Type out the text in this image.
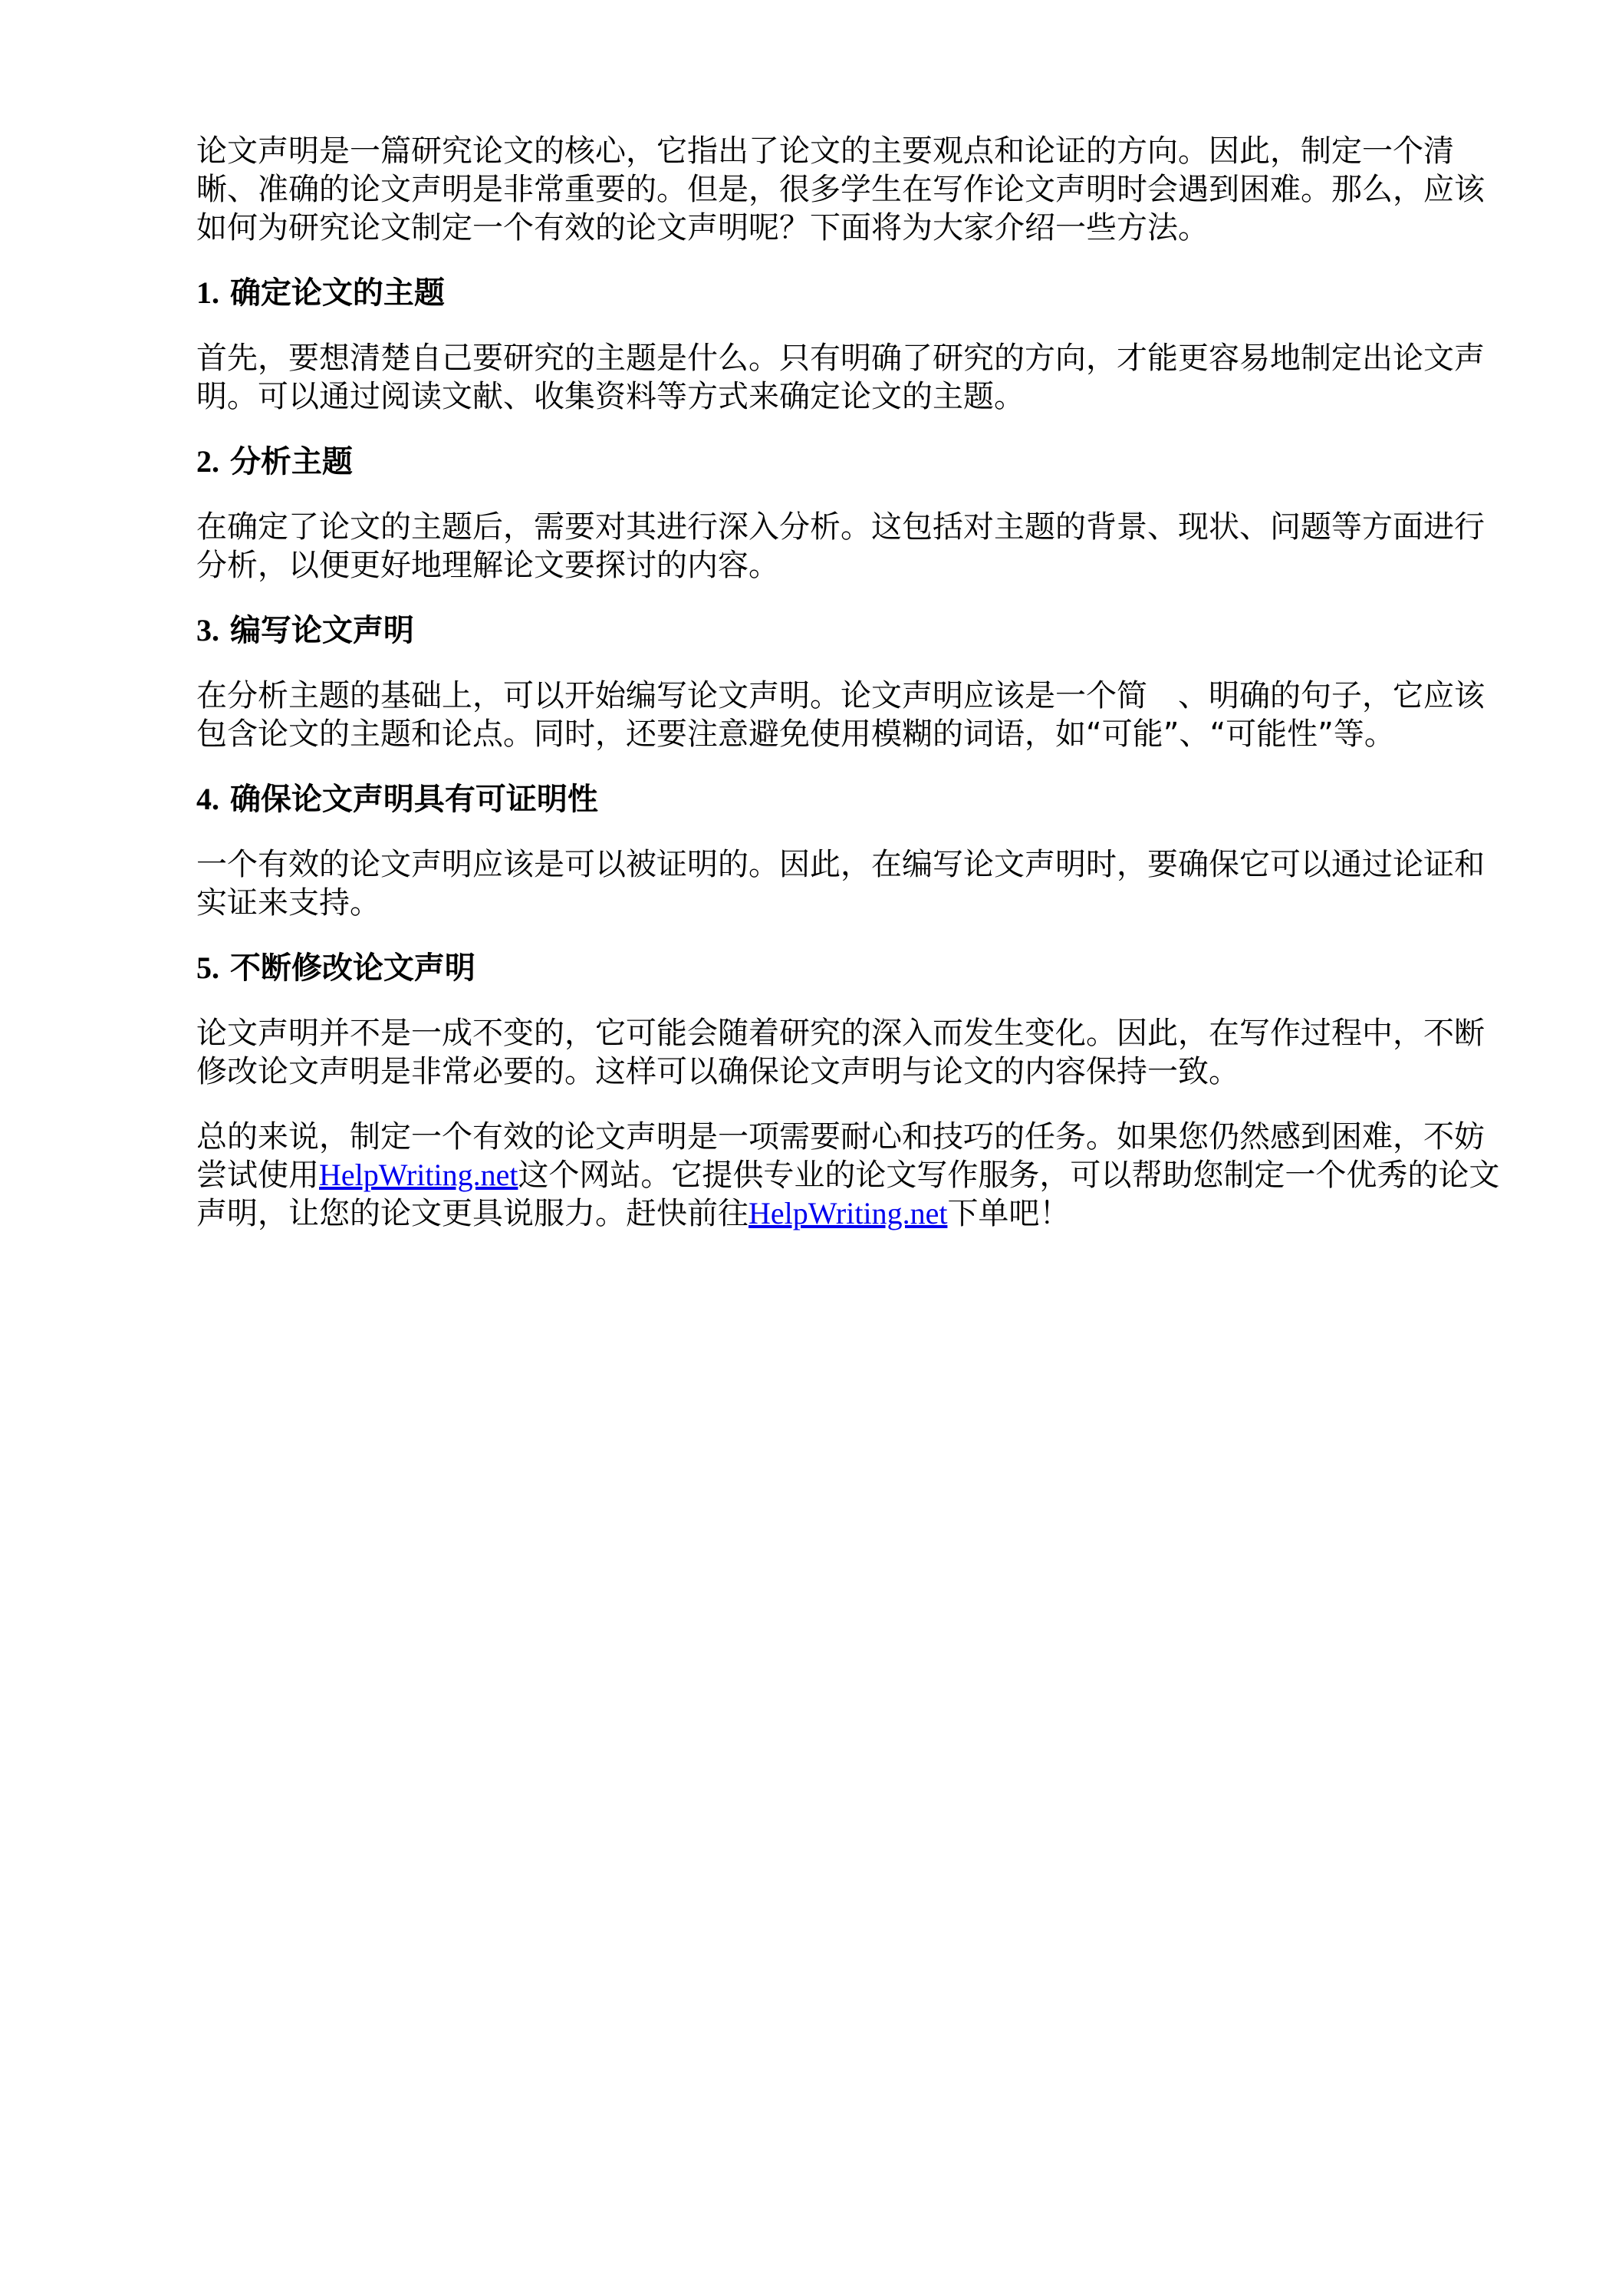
论文声明是一篇研究论文的核心，它指出了论文的主要观点和论证的方向。因此，制定一个清晰、准确的论文声明是非常重要的。但是，很多学生在写作论文声明时会遇到困难。那么，应该如何为研究论文制定一个有效的论文声明呢？下面将为大家介绍一些方法。

1. 确定论文的主题

首先，要想清楚自己要研究的主题是什么。只有明确了研究的方向，才能更容易地制定出论文声明。可以通过阅读文献、收集资料等方式来确定论文的主题。

2. 分析主题

在确定了论文的主题后，需要对其进行深入分析。这包括对主题的背景、现状、问题等方面进行分析，以便更好地理解论文要探讨的内容。

3. 编写论文声明

在分析主题的基础上，可以开始编写论文声明。论文声明应该是一个简　、明确的句子，它应该包含论文的主题和论点。同时，还要注意避免使用模糊的词语，如“可能”、“可能性”等。

4. 确保论文声明具有可证明性

一个有效的论文声明应该是可以被证明的。因此，在编写论文声明时，要确保它可以通过论证和实证来支持。

5. 不断修改论文声明

论文声明并不是一成不变的，它可能会随着研究的深入而发生变化。因此，在写作过程中，不断修改论文声明是非常必要的。这样可以确保论文声明与论文的内容保持一致。

总的来说，制定一个有效的论文声明是一项需要耐心和技巧的任务。如果您仍然感到困难，不妨尝试使用HelpWriting.net这个网站。它提供专业的论文写作服务，可以帮助您制定一个优秀的论文声明，让您的论文更具说服力。赶快前往HelpWriting.net下单吧！
